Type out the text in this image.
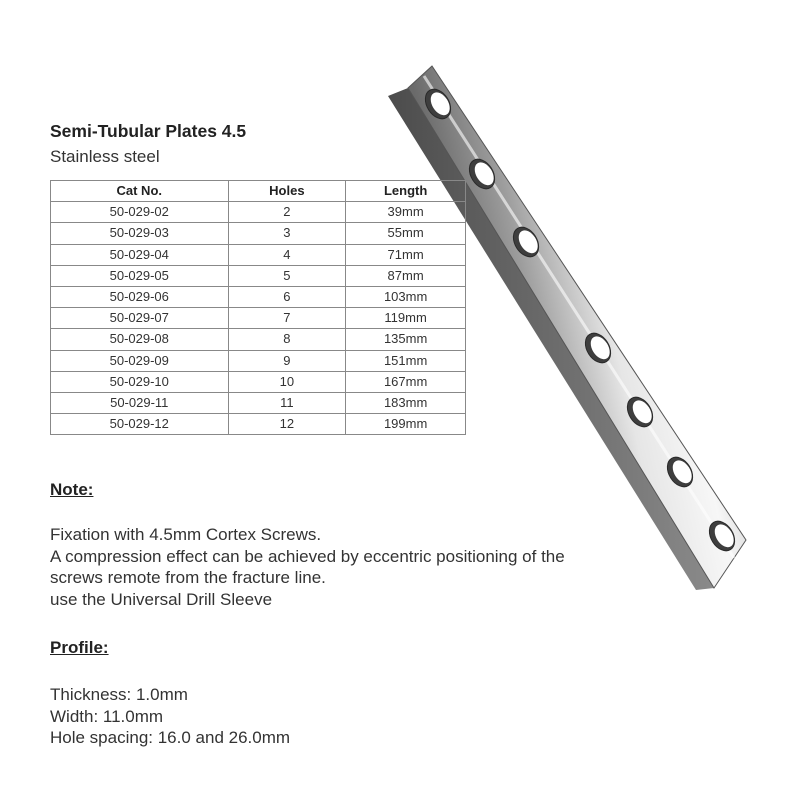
Semi-Tubular Plates 4.5
Stainless steel
Cat No.	Holes	Length
50-029-02	2	39mm
50-029-03	3	55mm
50-029-04	4	71mm
50-029-05	5	87mm
50-029-06	6	103mm
50-029-07	7	119mm
50-029-08	8	135mm
50-029-09	9	151mm
50-029-10	10	167mm
50-029-11	11	183mm
50-029-12	12	199mm
Note:
Fixation with 4.5mm Cortex Screws.
A compression effect can be achieved by eccentric positioning of the
screws remote from the fracture line.
use the Universal Drill Sleeve
Profile:
Thickness: 1.0mm
Width: 11.0mm
Hole spacing: 16.0 and 26.0mm
